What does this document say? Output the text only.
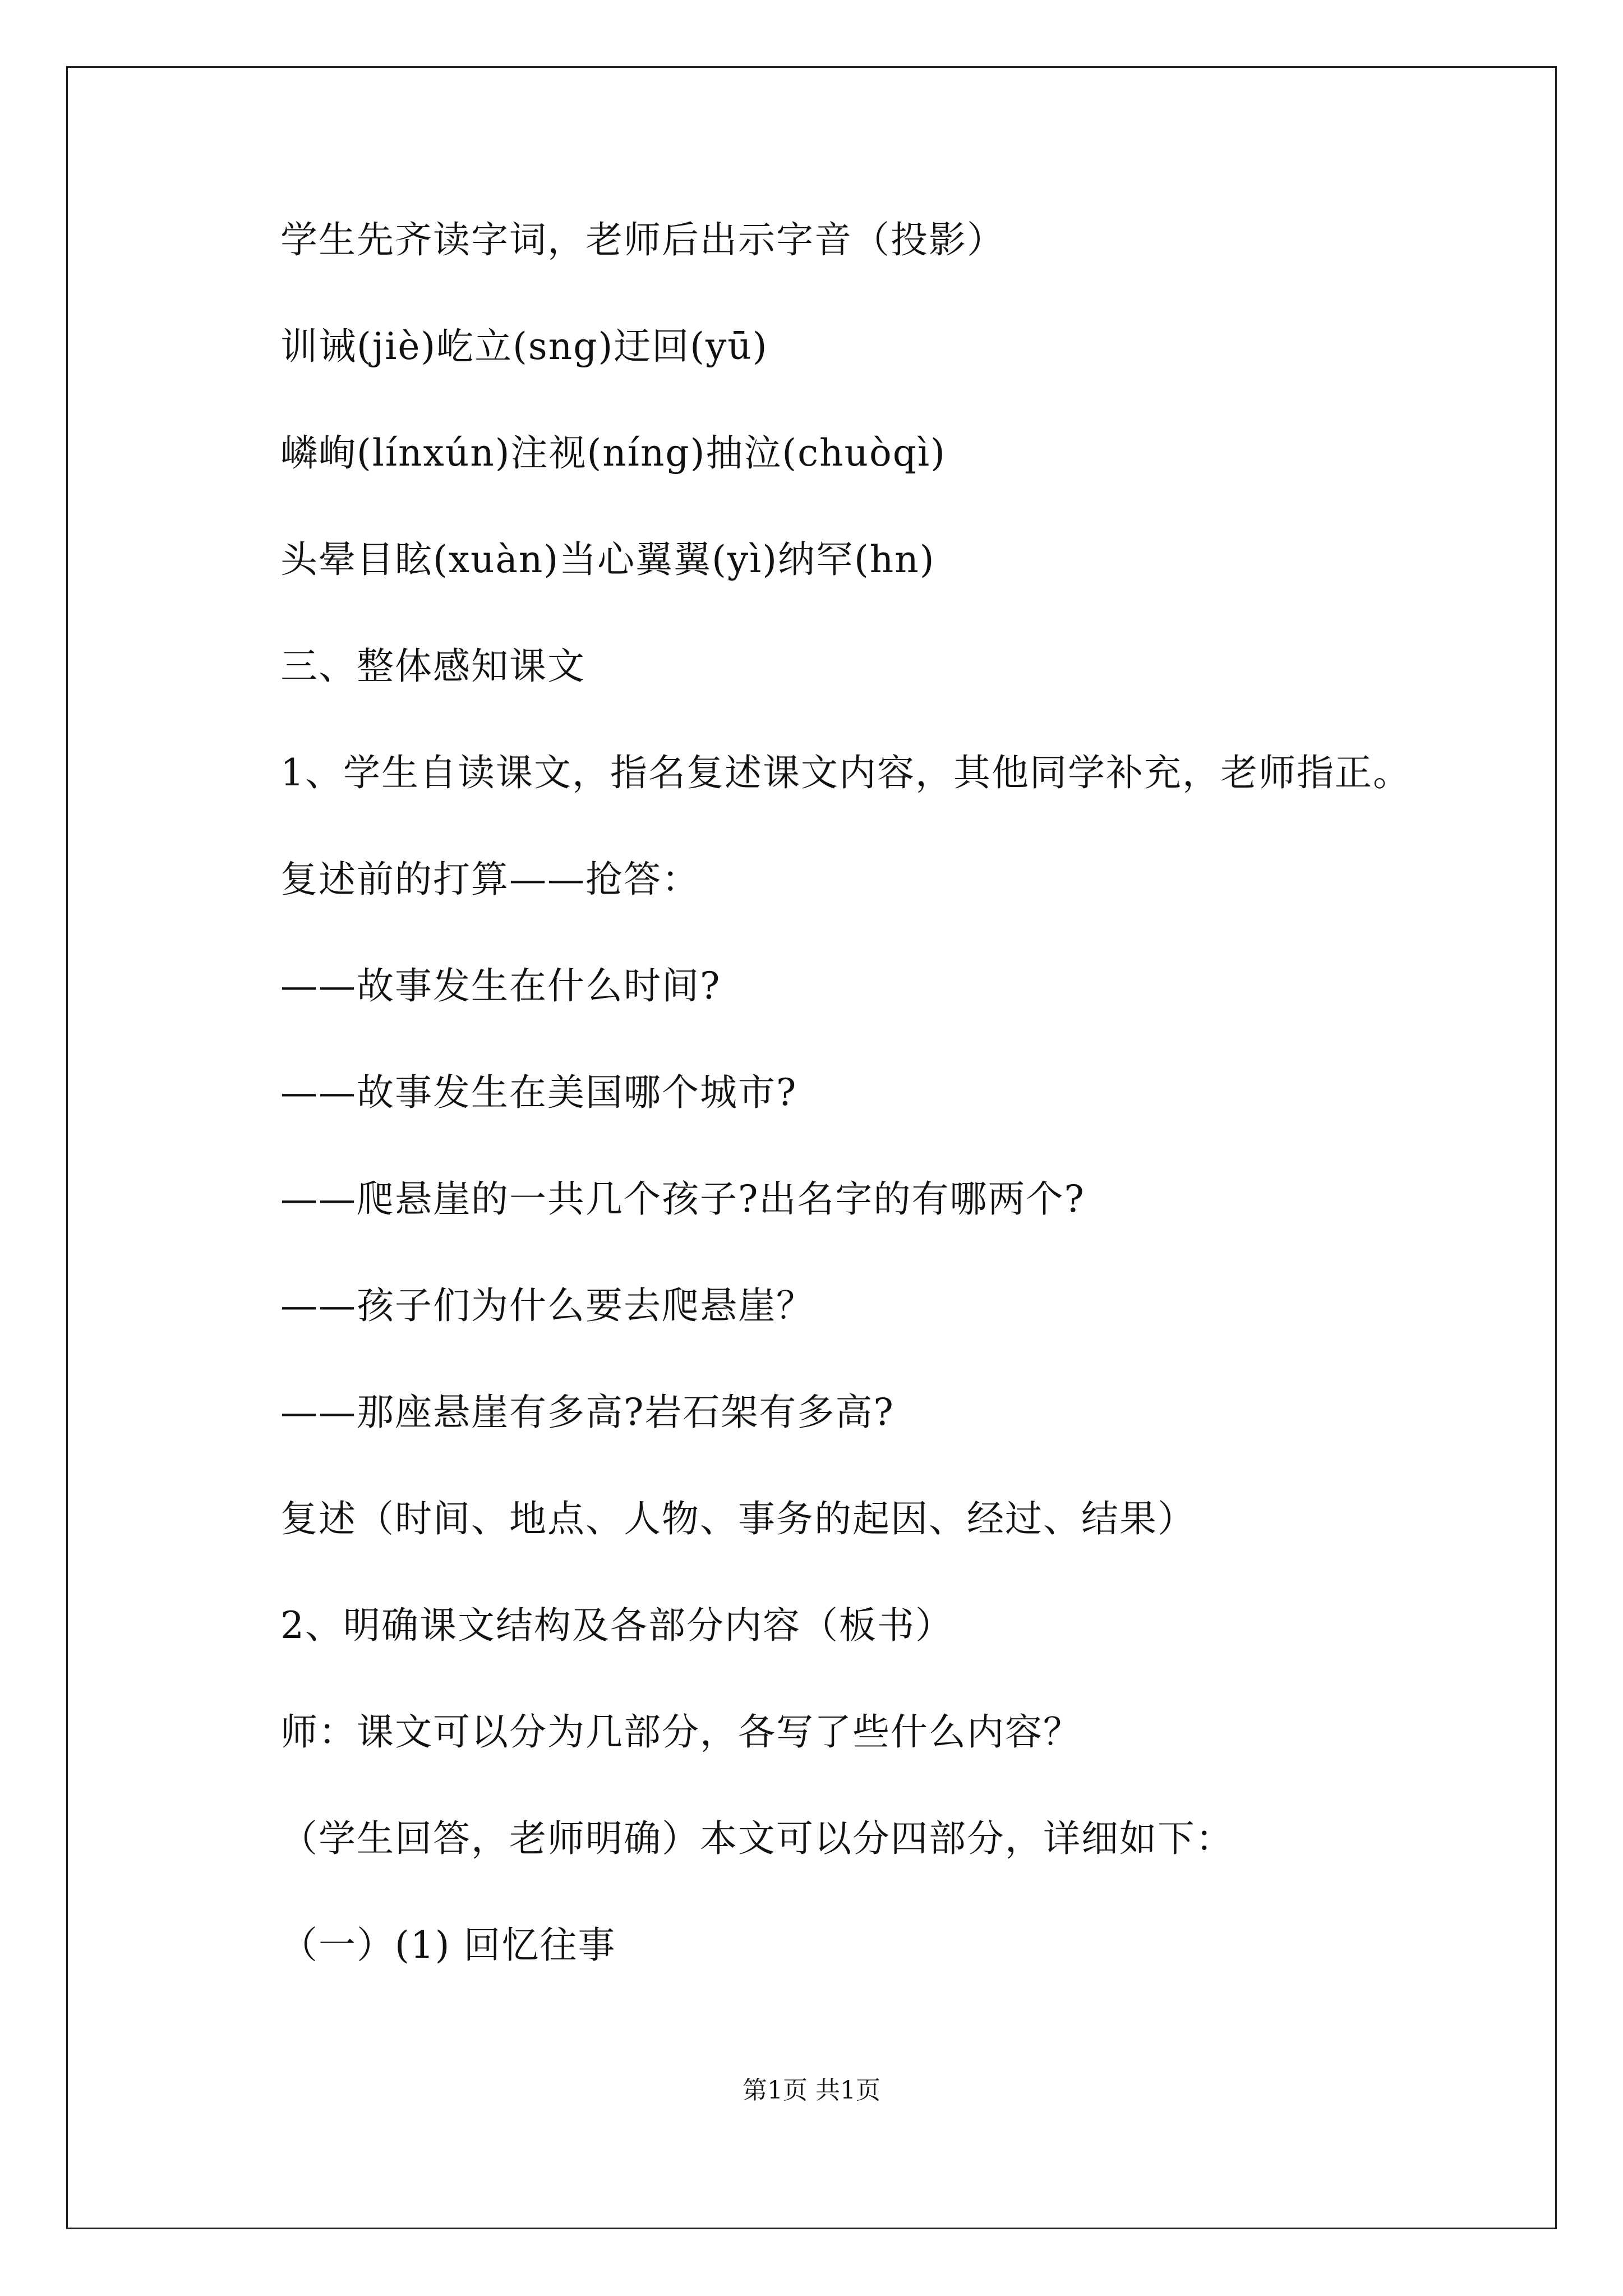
学生先齐读字词，老师后出示字音（投影）
训诫(jiè)屹立(sng)迂回(yū)
嶙峋(línxún)注视(níng)抽泣(chuòqì)
头晕目眩(xuàn)当心翼翼(yì)纳罕(hn)
三、整体感知课文
1、学生自读课文，指名复述课文内容，其他同学补充，老师指正。
复述前的打算——抢答：
——故事发生在什么时间?
——故事发生在美国哪个城市?
——爬悬崖的一共几个孩子?出名字的有哪两个?
——孩子们为什么要去爬悬崖？
——那座悬崖有多高?岩石架有多高?
复述（时间、地点、人物、事务的起因、经过、结果）
2、明确课文结构及各部分内容（板书）
师：课文可以分为几部分，各写了些什么内容？
（学生回答，老师明确）本文可以分四部分，详细如下：
（一）(1) 回忆往事
第1页 共1页
